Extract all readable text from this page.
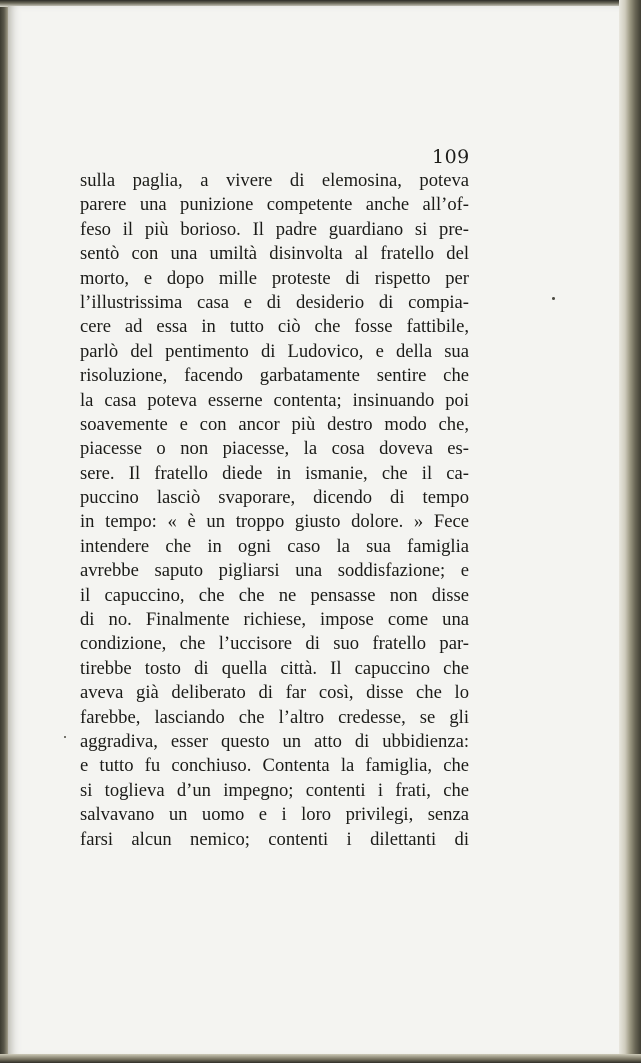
109
sulla paglia, a vivere di elemosina, poteva
parere una punizione competente anche all’of-
feso il più borioso. Il padre guardiano si pre-
sentò con una umiltà disinvolta al fratello del
morto, e dopo mille proteste di rispetto per
l’illustrissima casa e di desiderio di compia-
cere ad essa in tutto ciò che fosse fattibile,
parlò del pentimento di Ludovico, e della sua
risoluzione, facendo garbatamente sentire che
la casa poteva esserne contenta; insinuando poi
soavemente e con ancor più destro modo che,
piacesse o non piacesse, la cosa doveva es-
sere. Il fratello diede in ismanie, che il ca-
puccino lasciò svaporare, dicendo di tempo
in tempo: « è un troppo giusto dolore. » Fece
intendere che in ogni caso la sua famiglia
avrebbe saputo pigliarsi una soddisfazione; e
il capuccino, che che ne pensasse non disse
di no. Finalmente richiese, impose come una
condizione, che l’uccisore di suo fratello par-
tirebbe tosto di quella città. Il capuccino che
aveva già deliberato di far così, disse che lo
farebbe, lasciando che l’altro credesse, se gli
aggradiva, esser questo un atto di ubbidienza:
e tutto fu conchiuso. Contenta la famiglia, che
si toglieva d’un impegno; contenti i frati, che
salvavano un uomo e i loro privilegi, senza
farsi alcun nemico; contenti i dilettanti di
